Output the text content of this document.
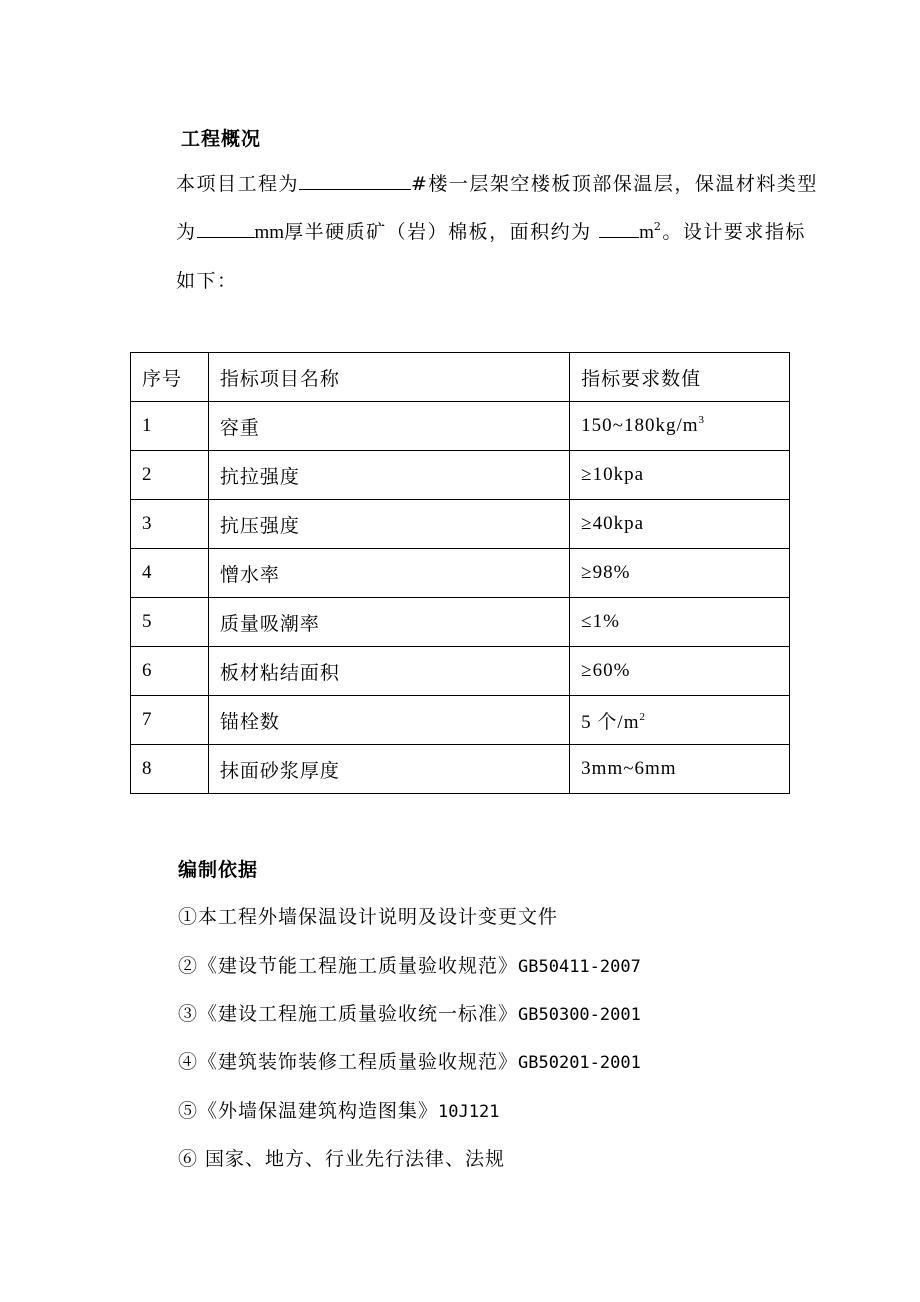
工程概况

本项目工程为	#楼一层架空楼板顶部保温层，保温材料类型为	mm厚半硬质矿（岩）棉板，面积约为 $m^2$。设计要求指标如下：

序号	指标项目名称	指标要求数值
1	容重	$150\sim 180kg/m^3$
2	抗拉强度	≥10kpa
3	抗压强度	≥40kpa
4	憎水率	≥98%
5	质量吸潮率	≤1%
6	板材粘结面积	≥60%
7	锚栓数	5 个$/m^2$
8	抹面砂浆厚度	3mm~6mm
编制依据

①本工程外墙保温设计说明及设计变更文件

②《建设节能工程施工质量验收规范》GB50411-2007

③《建设工程施工质量验收统一标准》GB50300-2001

④《建筑装饰装修工程质量验收规范》GB50201-2001

⑤《外墙保温建筑构造图集》10J121

⑥ 国家、地方、行业先行法律、法规
